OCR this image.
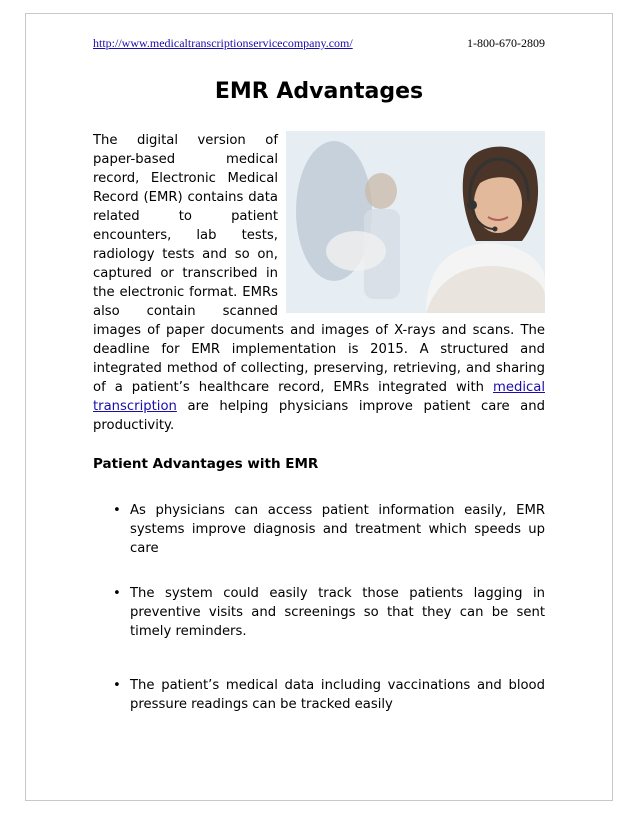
http://www.medicaltranscriptionservicecompany.com/	1-800-670-2809
EMR Advantages

The digital version of paper-based medical record, Electronic Medical Record (EMR) contains data related to patient encounters, lab tests, radiology tests and so on, captured or transcribed in the electronic format. EMRs also contain scanned images of paper documents and images of X-rays and scans. The deadline for EMR implementation is 2015. A structured and integrated method of collecting, preserving, retrieving, and sharing of a patient’s healthcare record, EMRs integrated with medical transcription are helping physicians improve patient care and productivity.

Patient Advantages with EMR
• As physicians can access patient information easily, EMR systems improve diagnosis and treatment which speeds up care
• The system could easily track those patients lagging in preventive visits and screenings so that they can be sent timely reminders.
• The patient’s medical data including vaccinations and blood pressure readings can be tracked easily
